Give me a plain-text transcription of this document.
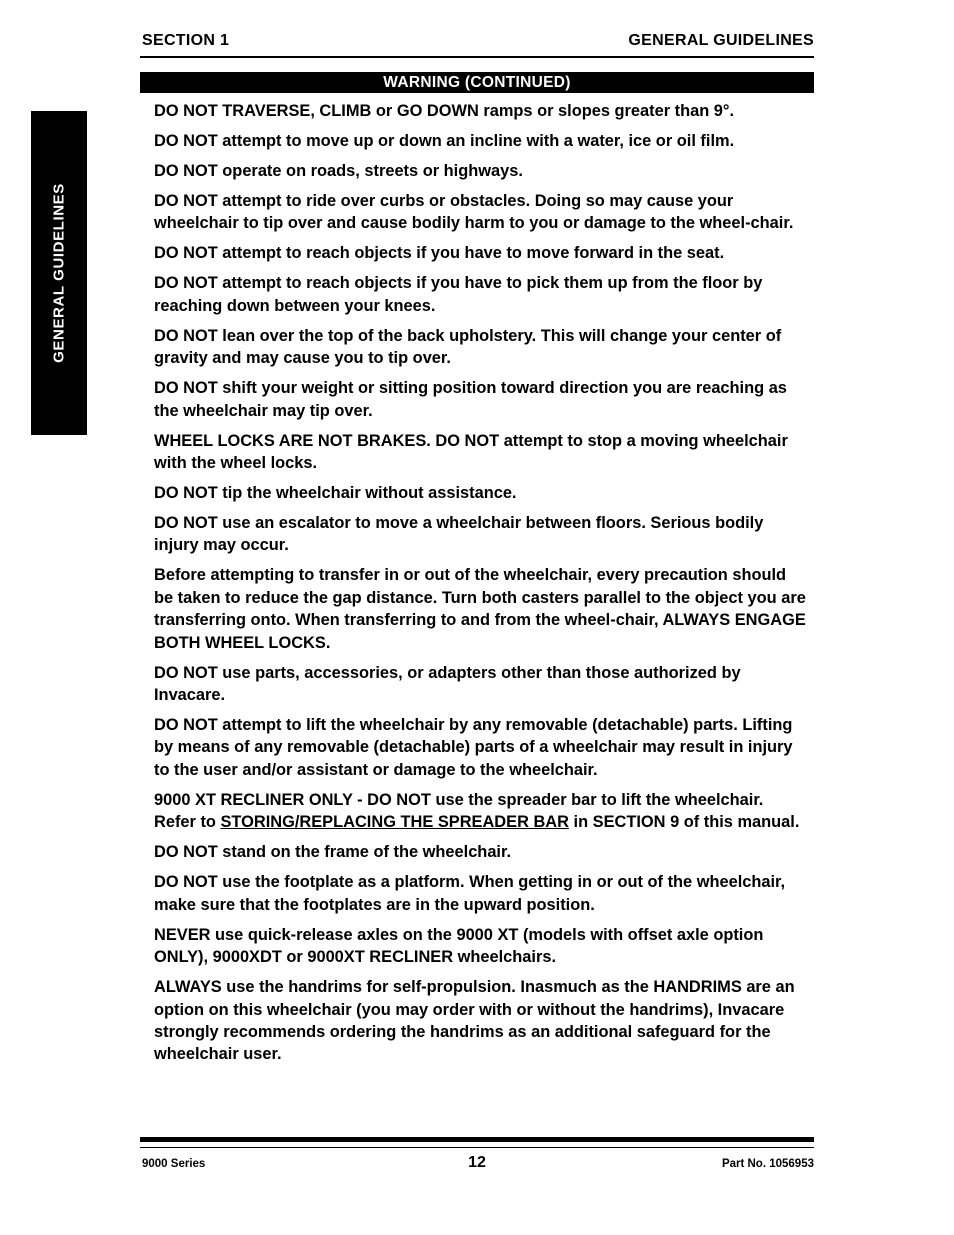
SECTION 1	GENERAL GUIDELINES
WARNING (CONTINUED)
GENERAL GUIDELINES

DO NOT TRAVERSE, CLIMB or GO DOWN ramps or slopes greater than 9°.

DO NOT attempt to move up or down an incline with a water, ice or oil film.

DO NOT operate on roads, streets or highways.

DO NOT attempt to ride over curbs or obstacles. Doing so may cause your wheelchair to tip over and cause bodily harm to you or damage to the wheel-chair.

DO NOT attempt to reach objects if you have to move forward in the seat.

DO NOT attempt to reach objects if you have to pick them up from the floor by reaching down between your knees.

DO NOT lean over the top of the back upholstery. This will change your center of gravity and may cause you to tip over.

DO NOT shift your weight or sitting position toward direction you are reaching as the wheelchair may tip over.

WHEEL LOCKS ARE NOT BRAKES. DO NOT attempt to stop a moving wheelchair with the wheel locks.

DO NOT tip the wheelchair without assistance.

DO NOT use an escalator to move a wheelchair between floors. Serious bodily injury may occur.

Before attempting to transfer in or out of the wheelchair, every precaution should be taken to reduce the gap distance. Turn both casters parallel to the object you are transferring onto. When transferring to and from the wheel-chair, ALWAYS ENGAGE BOTH WHEEL LOCKS.

DO NOT use parts, accessories, or adapters other than those authorized by Invacare.

DO NOT attempt to lift the wheelchair by any removable (detachable) parts. Lifting by means of any removable (detachable) parts of a wheelchair may result in injury to the user and/or assistant or damage to the wheelchair.

9000 XT RECLINER ONLY - DO NOT use the spreader bar to lift the wheelchair. Refer to STORING/REPLACING THE SPREADER BAR in SECTION 9 of this manual.

DO NOT stand on the frame of the wheelchair.

DO NOT use the footplate as a platform. When getting in or out of the wheelchair, make sure that the footplates are in the upward position.

NEVER use quick-release axles on the 9000 XT (models with offset axle option ONLY), 9000XDT or 9000XT RECLINER wheelchairs.

ALWAYS use the handrims for self-propulsion. Inasmuch as the HANDRIMS are an option on this wheelchair (you may order with or without the handrims), Invacare strongly recommends ordering the handrims as an additional safeguard for the wheelchair user.

9000 Series	12	Part No. 1056953
